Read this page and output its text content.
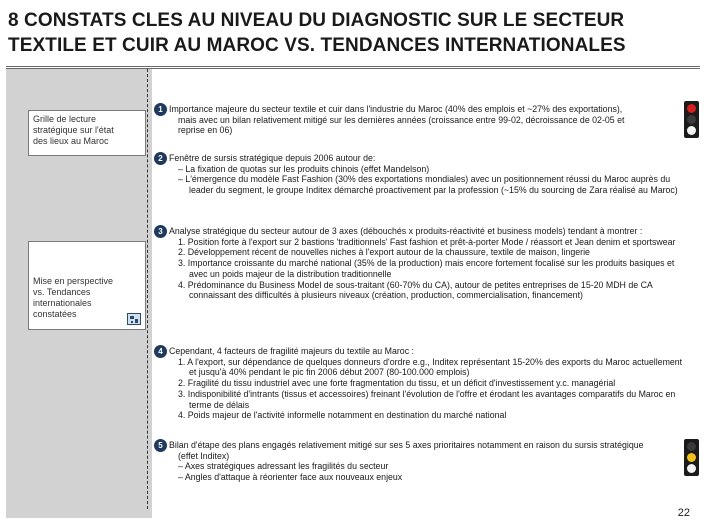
8 CONSTATS CLES AU NIVEAU DU DIAGNOSTIC SUR LE SECTEUR
TEXTILE ET CUIR AU MAROC VS. TENDANCES INTERNATIONALES
Grille de lecture
stratégique sur l'état
des lieux au Maroc
Mise en perspective
vs. Tendances
internationales
constatées
1 Importance majeure du secteur textile et cuir dans l'industrie du Maroc (40% des emplois et ~27% des exportations),

mais avec un bilan relativement mitigé sur les dernières années (croissance entre 99-02, décroissance de 02-05 et

reprise en 06)

2 Fenêtre de sursis stratégique depuis 2006 autour de:

– La fixation de quotas sur les produits chinois (effet Mandelson)

– L'émergence du modèle Fast Fashion (30% des exportations mondiales) avec un positionnement réussi du Maroc auprès du leader du segment, le groupe Inditex démarché proactivement par la profession (~15% du sourcing de Zara réalisé au Maroc)

3 Analyse stratégique du secteur autour de 3 axes (débouchés x produits-réactivité et business models) tendant à montrer :

1. Position forte à l'export sur 2 bastions 'traditionnels' Fast fashion et prêt-à-porter Mode / réassort et Jean denim et sportswear

2. Développement récent de nouvelles niches à l'export autour de la chaussure, textile de maison, lingerie

3. Importance croissante du marché national (35% de la production) mais encore fortement focalisé sur les produits basiques et avec un poids majeur de la distribution traditionnelle

4. Prédominance du Business Model de sous-traitant (60-70% du CA), autour de petites entreprises de 15-20 MDH de CA connaissant des difficultés à plusieurs niveaux (création, production, commercialisation, financement)

4 Cependant, 4 facteurs de fragilité majeurs du textile au Maroc :

1. A l'export, sur dépendance de quelques donneurs d'ordre e.g., Inditex représentant 15-20% des exports du Maroc actuellement et jusqu'à 40% pendant le pic fin 2006 début 2007 (80-100.000 emplois)

2. Fragilité du tissu industriel avec une forte fragmentation du tissu, et un déficit d'investissement y.c. managérial

3. Indisponibilité d'intrants (tissus et accessoires) freinant l'évolution de l'offre et érodant les avantages comparatifs du Maroc en terme de délais

4. Poids majeur de l'activité informelle notamment en destination du marché national

5 Bilan d'étape des plans engagés relativement mitigé sur ses 5 axes prioritaires notamment en raison du sursis stratégique (effet Inditex)

– Axes stratégiques adressant les fragilités du secteur

– Angles d'attaque à réorienter face aux nouveaux enjeux

22
